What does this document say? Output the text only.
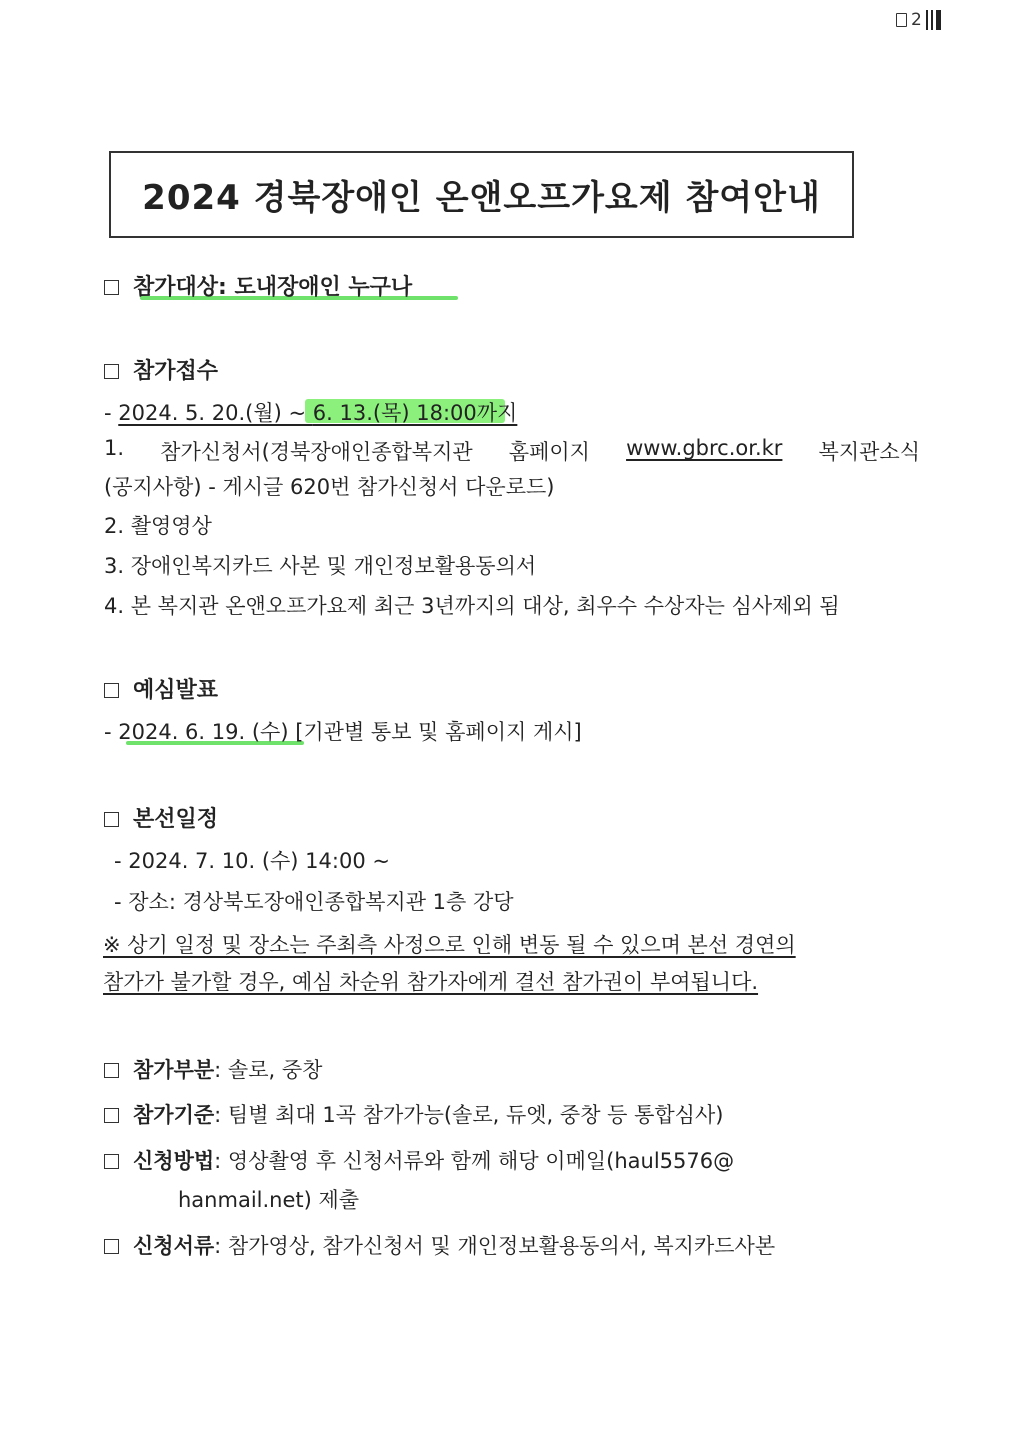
2
2024 경북장애인 온앤오프가요제 참여안내
참가대상: 도내장애인 누구나
참가접수
- 2024. 5. 20.(월) ~ 6. 13.(목) 18:00까지
1. 참가신청서(경북장애인종합복지관 홈페이지 www.gbrc.or.kr 복지관소식
(공지사항) - 게시글 620번 참가신청서 다운로드)
2. 촬영영상
3. 장애인복지카드 사본 및 개인정보활용동의서
4. 본 복지관 온앤오프가요제 최근 3년까지의 대상, 최우수 수상자는 심사제외 됨
예심발표
- 2024. 6. 19. (수) [기관별 통보 및 홈페이지 게시]
본선일정
- 2024. 7. 10. (수) 14:00 ~
- 장소: 경상북도장애인종합복지관 1층 강당
※ 상기 일정 및 장소는 주최측 사정으로 인해 변동 될 수 있으며 본선 경연의
참가가 불가할 경우, 예심 차순위 참가자에게 결선 참가권이 부여됩니다.
참가부분: 솔로, 중창
참가기준: 팀별 최대 1곡 참가가능(솔로, 듀엣, 중창 등 통합심사)
신청방법: 영상촬영 후 신청서류와 함께 해당 이메일(haul5576@
hanmail.net) 제출
신청서류: 참가영상, 참가신청서 및 개인정보활용동의서, 복지카드사본
